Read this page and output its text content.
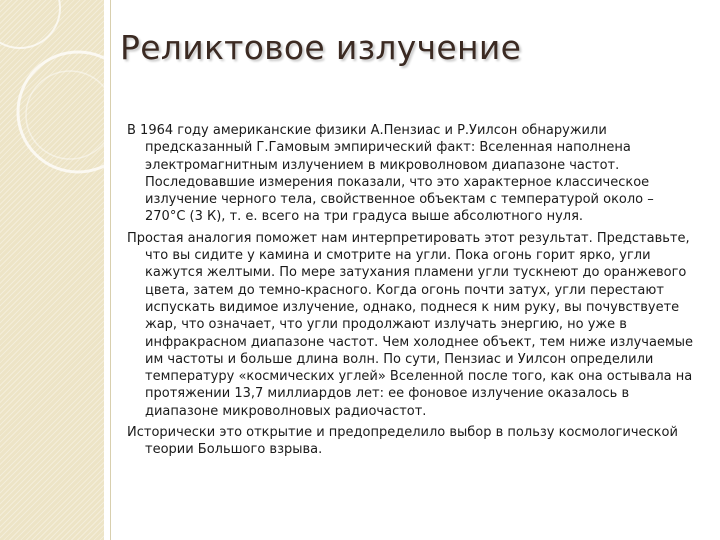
Реликтовое излучение

В 1964 году американские физики А.Пензиас и Р.Уилсон обнаружили предсказанный Г.Гамовым эмпирический факт: Вселенная наполнена электромагнитным излучением в микроволновом диапазоне частот. Последовавшие измерения показали, что это характерное классическое излучение черного тела, свойственное объектам с температурой около –270°С (3 К), т. е. всего на три градуса выше абсолютного нуля.

Простая аналогия поможет нам интерпретировать этот результат. Представьте, что вы сидите у камина и смотрите на угли. Пока огонь горит ярко, угли кажутся желтыми. По мере затухания пламени угли тускнеют до оранжевого цвета, затем до темно-красного. Когда огонь почти затух, угли перестают испускать видимое излучение, однако, поднеся к ним руку, вы почувствуете жар, что означает, что угли продолжают излучать энергию, но уже в инфракрасном диапазоне частот. Чем холоднее объект, тем ниже излучаемые им частоты и больше длина волн. По сути, Пензиас и Уилсон определили температуру «космических углей» Вселенной после того, как она остывала на протяжении 13,7 миллиардов лет: ее фоновое излучение оказалось в диапазоне микроволновых радиочастот.

Исторически это открытие и предопределило выбор в пользу космологической теории Большого взрыва.
